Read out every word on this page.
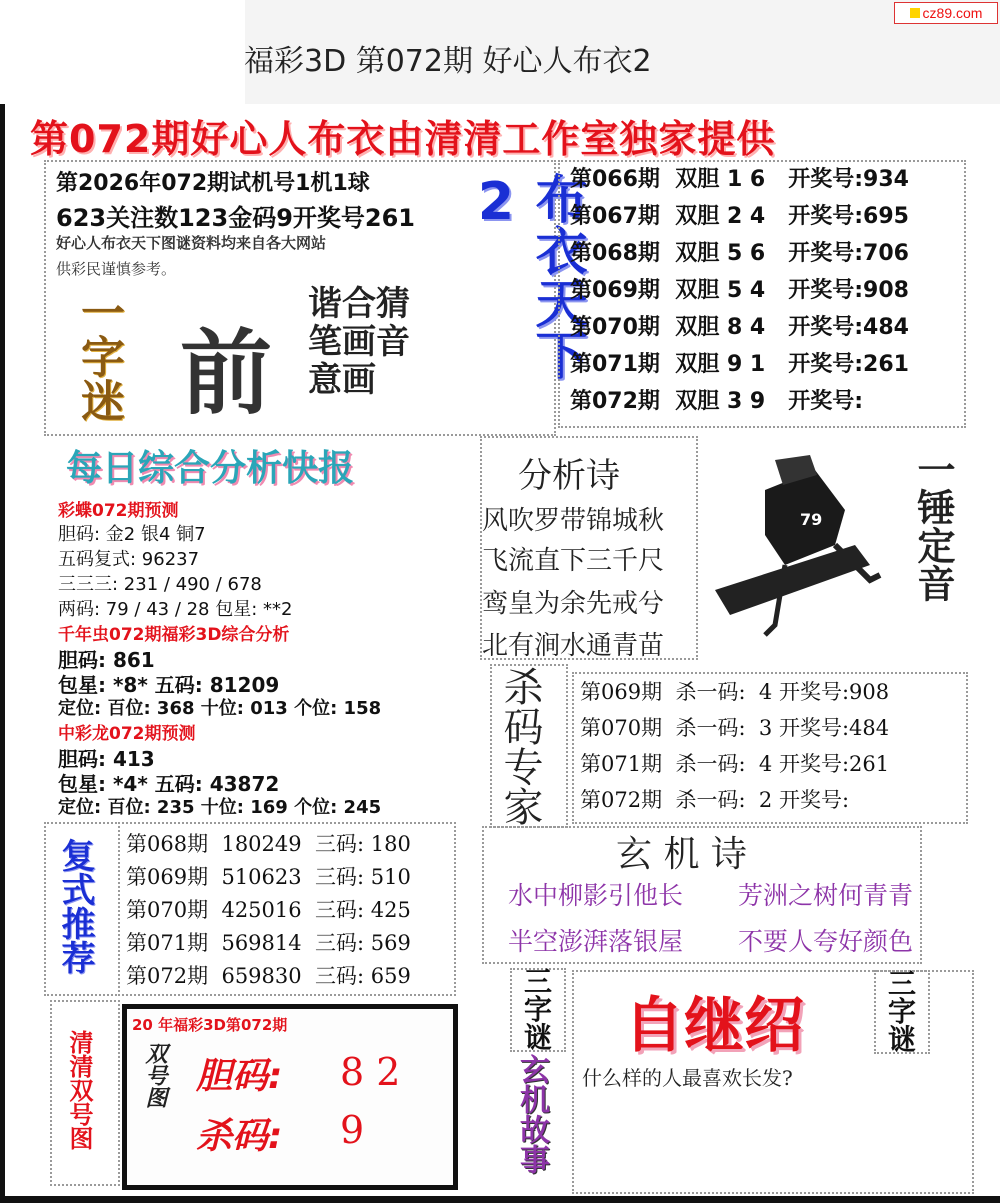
福彩3D 第072期 好心人布衣2
cz89.com
第072期好心人布衣由清清工作室独家提供
第2026年072期试机号1机1球
623关注数123金码9开奖号261
好心人布衣天下图谜资料均来自各大网站
供彩民谨慎参考。
一字迷 前
谐合猜笔画音意画	布衣天下2	第066期 双胆 1 6 开奖号:934
第067期 双胆 2 4 开奖号:695
第068期 双胆 5 6 开奖号:706
第069期 双胆 5 4 开奖号:908
第070期 双胆 8 4 开奖号:484
第071期 双胆 9 1 开奖号:261
第072期 双胆 3 9 开奖号:
每日综合分析快报
彩蝶072期预测
胆码: 金2 银4 铜7
五码复式: 96237
三三三: 231 / 490 / 678
两码: 79 / 43 / 28 包星: **2
千年虫072期福彩3D综合分析
胆码: 861
包星: *8* 五码: 81209
定位: 百位: 368 十位: 013 个位: 158
中彩龙072期预测
胆码: 413
包星: *4* 五码: 43872
定位: 百位: 235 十位: 169 个位: 245
分析诗
风吹罗带锦城秋
飞流直下三千尺
鸾皇为余先戒兮
北有涧水通青苗
79 一锤定音
杀码专家 第069期 杀一码: 4 开奖号:908
第070期 杀一码: 3 开奖号:484
第071期 杀一码: 4 开奖号:261
第072期 杀一码: 2 开奖号:
复式推荐 第068期 180249 三码: 180
第069期 510623 三码: 510
第070期 425016 三码: 425
第071期 569814 三码: 569
第072期 659830 三码: 659
玄 机 诗
水中柳影引他长 芳洲之树何青青
半空澎湃落银屋 不要人夸好颜色
清清双号图
20 年福彩3D第072期
双号图 胆码: 8 2
杀码: 9
三字谜
三字谜
玄机故事
自继绍
什么样的人最喜欢长发?
